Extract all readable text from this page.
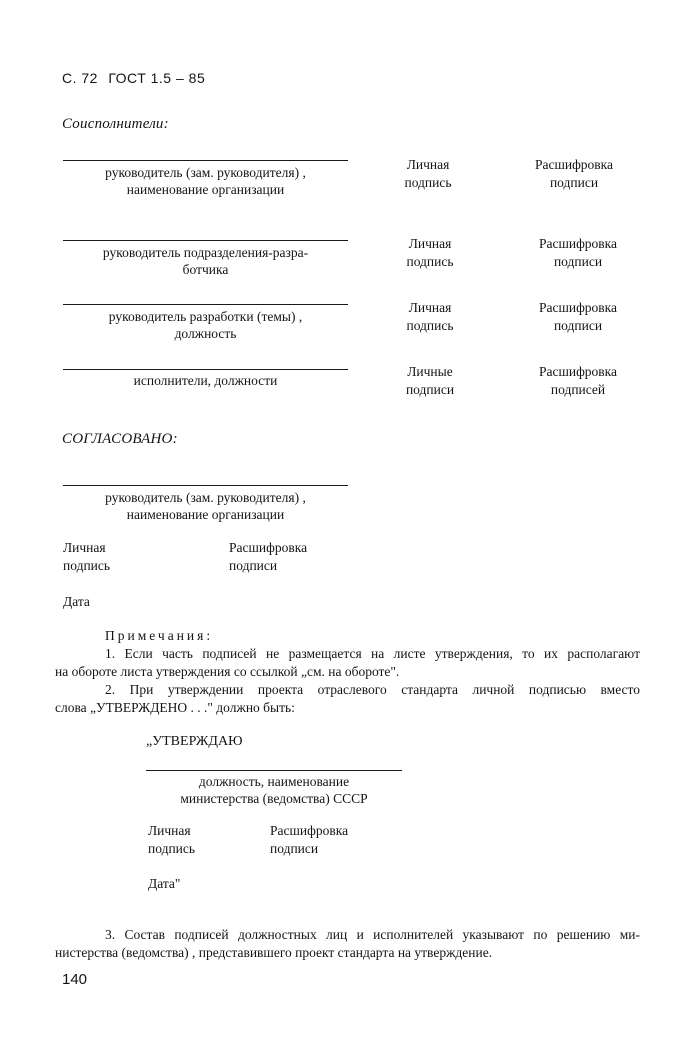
С. 72 ГОСТ 1.5 – 85
Соисполнители:
руководитель (зам. руководителя) ,
наименование организации
Личная
подпись
Расшифровка
подписи
руководитель подразделения-разра-
ботчика
Личная
подпись
Расшифровка
подписи
руководитель разработки (темы) ,
должность
Личная
подпись
Расшифровка
подписи
исполнители, должности
Личные
подписи
Расшифровка
подписей
СОГЛАСОВАНО:
руководитель (зам. руководителя) ,
наименование организации
Личная
подпись
Расшифровка
подписи
Дата
Примечания:
1. Если часть подписей не размещается на листе утверждения, то их располагают
на обороте листа утверждения со ссылкой „см. на обороте".
2. При утверждении проекта отраслевого стандарта личной подписью вместо
слова „УТВЕРЖДЕНО . . ." должно быть:
„УТВЕРЖДАЮ
должность, наименование
министерства (ведомства) СССР
Личная
подпись
Расшифровка
подписи
Дата"
3. Состав подписей должностных лиц и исполнителей указывают по решению ми-
нистерства (ведомства) , представившего проект стандарта на утверждение.
140
